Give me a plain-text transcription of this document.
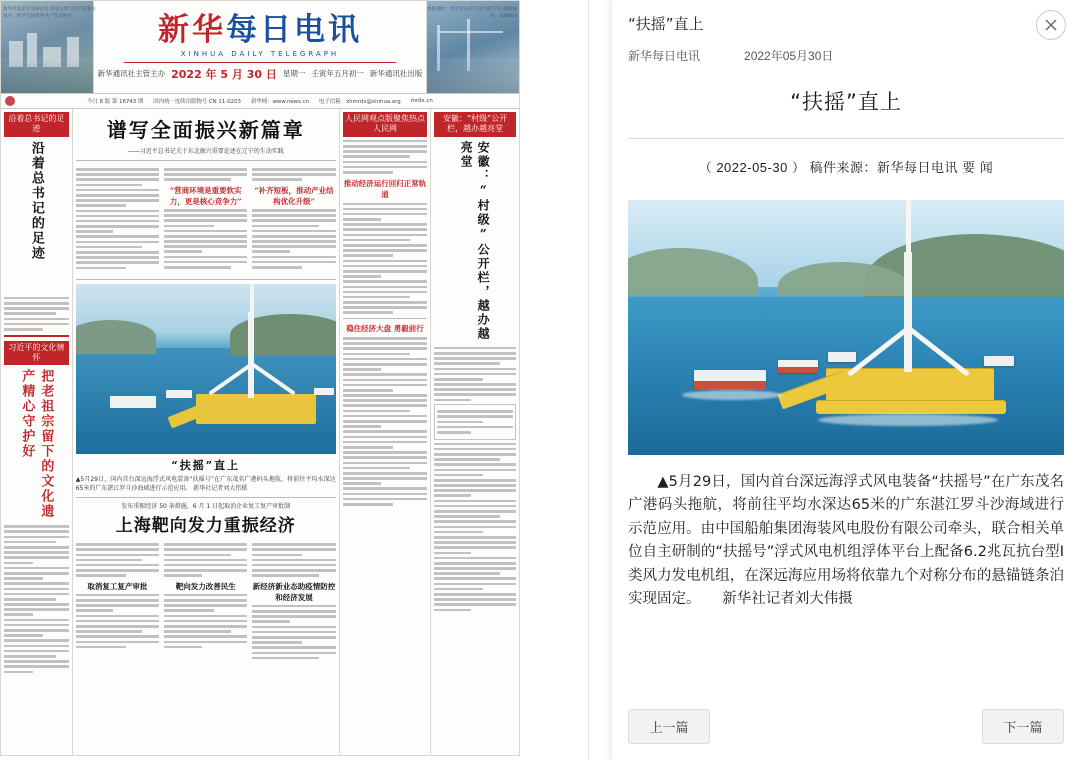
新华每日电讯
XINHUA DAILY TELEGRAPH
新华通讯社主管主办 2022 年 5 月 30 日 星期一 壬寅年五月初一 新华通讯社出版
新华社北京5月29日电 国家主席习近平签署主席令，授予全国优秀共产党员称号。
本报地址：北京市宣武门西大街57号 邮政编码：100803
今日 8 版 第 16743 期 国内统一连续出版物号 CN 11-0203 新华网：www.news.cn 电子信箱：xhmrdx@xinhua.org mrdx.cn
沿着总书记的足迹
沿着总书记的足迹
习近平的文化情怀
把老祖宗留下的文化遗产精心守护好
谱写全面振兴新篇章
——习近平总书记关于东北振兴重要论述在辽宁的生动实践
“营商环境是重要软实力，更是核心竞争力”
“补齐短板，推动产业结构优化升级”
“扶摇”直上
▲5月29日，国内首台深远海浮式风电装备“扶摇号”在广东茂名广港码头拖航，将前往平均水深达65米的广东湛江罗斗沙海域进行示范应用。 新华社记者刘大伟摄
发布重振经济 50 条措施，6 月 1 日起取消企业复工复产审批制
上海靶向发力重振经济
取消复工复产审批	靶向发力改善民生	新经济新业态助疫情防控和经济发展
人民网观点版聚焦热点人民网
推动经济运行回归正常轨道
稳住经济大盘 勇毅前行
安徽：“村级”公开栏，越办越亮堂
安徽：“村级”公开栏，越办越亮堂
“扶摇”直上
新华每日电讯	2022年05月30日
“扶摇”直上
（ 2022-05-30 ） 稿件来源：新华每日电讯 要 闻
　　▲5月29日，国内首台深远海浮式风电装备“扶摇号”在广东茂名广港码头拖航，将前往平均水深达65米的广东湛江罗斗沙海域进行示范应用。由中国船舶集团海装风电股份有限公司牵头，联合相关单位自主研制的“扶摇号”浮式风电机组浮体平台上配备6.2兆瓦抗台型I类风力发电机组，在深远海应用场将依靠九个对称分布的悬锚链条泊实现固定。　　新华社记者刘大伟摄
上一篇	下一篇
